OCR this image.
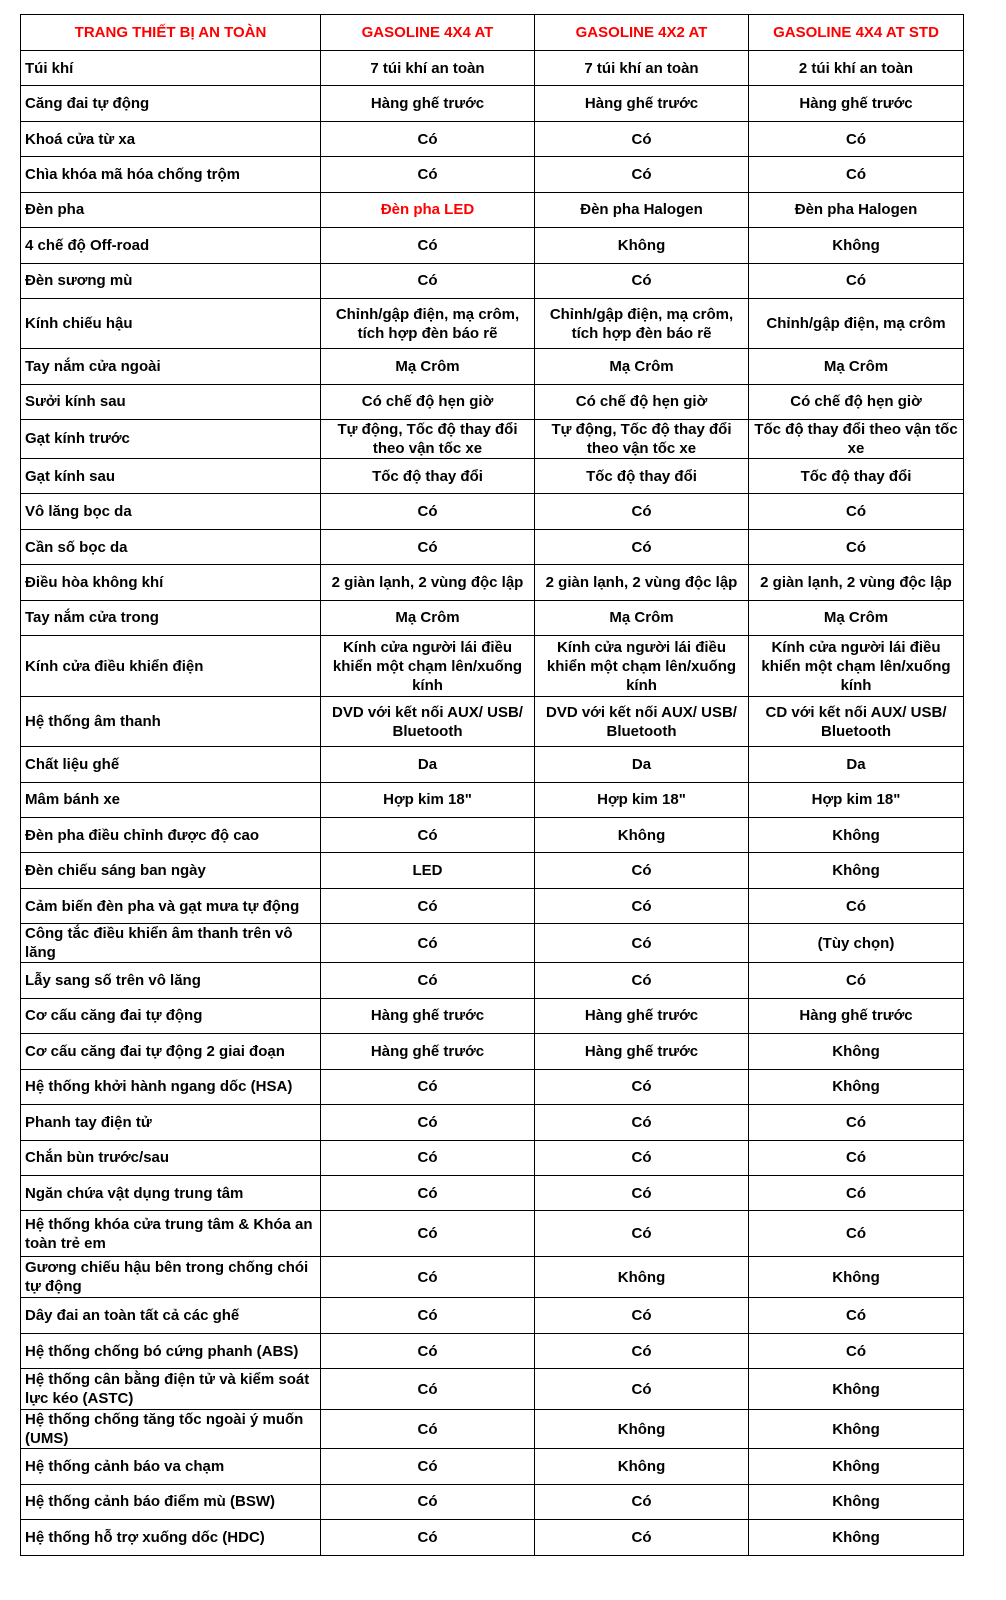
TRANG THIẾT BỊ AN TOÀN	GASOLINE 4X4 AT	GASOLINE 4X2 AT	GASOLINE 4X4 AT STD
Túi khí	7 túi khí an toàn	7 túi khí an toàn	2 túi khí an toàn
Căng đai tự động	Hàng ghế trước	Hàng ghế trước	Hàng ghế trước
Khoá cửa từ xa	Có	Có	Có
Chìa khóa mã hóa chống trộm	Có	Có	Có
Đèn pha	Đèn pha LED	Đèn pha Halogen	Đèn pha Halogen
4 chế độ Off-road	Có	Không	Không
Đèn sương mù	Có	Có	Có
Kính chiếu hậu	Chỉnh/gập điện, mạ crôm, tích hợp đèn báo rẽ	Chỉnh/gập điện, mạ crôm, tích hợp đèn báo rẽ	Chỉnh/gập điện, mạ crôm
Tay nắm cửa ngoài	Mạ Crôm	Mạ Crôm	Mạ Crôm
Sưởi kính sau	Có chế độ hẹn giờ	Có chế độ hẹn giờ	Có chế độ hẹn giờ
Gạt kính trước	Tự động, Tốc độ thay đổi theo vận tốc xe	Tự động, Tốc độ thay đổi theo vận tốc xe	Tốc độ thay đổi theo vận tốc xe
Gạt kính sau	Tốc độ thay đổi	Tốc độ thay đổi	Tốc độ thay đổi
Vô lăng bọc da	Có	Có	Có
Cần số bọc da	Có	Có	Có
Điều hòa không khí	2 giàn lạnh, 2 vùng độc lập	2 giàn lạnh, 2 vùng độc lập	2 giàn lạnh, 2 vùng độc lập
Tay nắm cửa trong	Mạ Crôm	Mạ Crôm	Mạ Crôm
Kính cửa điều khiển điện	Kính cửa người lái điều khiển một chạm lên/xuống kính	Kính cửa người lái điều khiển một chạm lên/xuống kính	Kính cửa người lái điều khiển một chạm lên/xuống kính
Hệ thống âm thanh	DVD với kết nối AUX/ USB/ Bluetooth	DVD với kết nối AUX/ USB/ Bluetooth	CD với kết nối AUX/ USB/ Bluetooth
Chất liệu ghế	Da	Da	Da
Mâm bánh xe	Hợp kim 18"	Hợp kim 18"	Hợp kim 18"
Đèn pha điều chỉnh được độ cao	Có	Không	Không
Đèn chiếu sáng ban ngày	LED	Có	Không
Cảm biến đèn pha và gạt mưa tự động	Có	Có	Có
Công tắc điều khiển âm thanh trên vô lăng	Có	Có	(Tùy chọn)
Lẫy sang số trên vô lăng	Có	Có	Có
Cơ cấu căng đai tự động	Hàng ghế trước	Hàng ghế trước	Hàng ghế trước
Cơ cấu căng đai tự động 2 giai đoạn	Hàng ghế trước	Hàng ghế trước	Không
Hệ thống khởi hành ngang dốc (HSA)	Có	Có	Không
Phanh tay điện tử	Có	Có	Có
Chắn bùn trước/sau	Có	Có	Có
Ngăn chứa vật dụng trung tâm	Có	Có	Có
Hệ thống khóa cửa trung tâm & Khóa an toàn trẻ em	Có	Có	Có
Gương chiếu hậu bên trong chống chói tự động	Có	Không	Không
Dây đai an toàn tất cả các ghế	Có	Có	Có
Hệ thống chống bó cứng phanh (ABS)	Có	Có	Có
Hệ thống cân bằng điện tử và kiểm soát lực kéo (ASTC)	Có	Có	Không
Hệ thống chống tăng tốc ngoài ý muốn (UMS)	Có	Không	Không
Hệ thống cảnh báo va chạm	Có	Không	Không
Hệ thống cảnh báo điểm mù (BSW)	Có	Có	Không
Hệ thống hỗ trợ xuống dốc (HDC)	Có	Có	Không
